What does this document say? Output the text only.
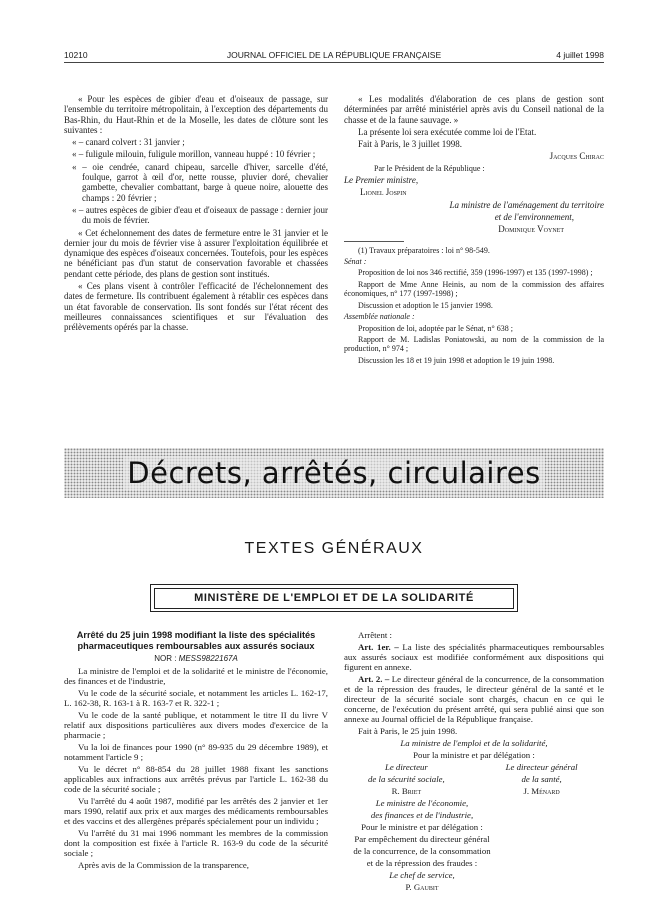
10210	JOURNAL OFFICIEL DE LA RÉPUBLIQUE FRANÇAISE	4 juillet 1998

« Pour les espèces de gibier d'eau et d'oiseaux de passage, sur l'ensemble du territoire métropolitain, à l'exception des départements du Bas-Rhin, du Haut-Rhin et de la Moselle, les dates de clôture sont les suivantes :

« – canard colvert : 31 janvier ;

« – fuligule milouin, fuligule morillon, vanneau huppé : 10 février ;

« – oie cendrée, canard chipeau, sarcelle d'hiver, sarcelle d'été, foulque, garrot à œil d'or, nette rousse, pluvier doré, chevalier gambette, chevalier combattant, barge à queue noire, alouette des champs : 20 février ;

« – autres espèces de gibier d'eau et d'oiseaux de passage : dernier jour du mois de février.

« Cet échelonnement des dates de fermeture entre le 31 janvier et le dernier jour du mois de février vise à assurer l'exploitation équilibrée et dynamique des espèces d'oiseaux concernées. Toutefois, pour les espèces ne bénéficiant pas d'un statut de conservation favorable et chassées pendant cette période, des plans de gestion sont institués.

« Ces plans visent à contrôler l'efficacité de l'échelonnement des dates de fermeture. Ils contribuent également à rétablir ces espèces dans un état favorable de conservation. Ils sont fondés sur l'état récent des meilleures connaissances scientifiques et sur l'évaluation des prélèvements opérés par la chasse.

« Les modalités d'élaboration de ces plans de gestion sont déterminées par arrêté ministériel après avis du Conseil national de la chasse et de la faune sauvage. »

La présente loi sera exécutée comme loi de l'Etat.

Fait à Paris, le 3 juillet 1998.

Jacques Chirac

Par le Président de la République :

Le Premier ministre,

Lionel Jospin

La ministre de l'aménagement du territoire

et de l'environnement,

Dominique Voynet

(1) Travaux préparatoires : loi n° 98-549.

Sénat :

Proposition de loi nos 346 rectifié, 359 (1996-1997) et 135 (1997-1998) ;

Rapport de Mme Anne Heinis, au nom de la commission des affaires économiques, n° 177 (1997-1998) ;

Discussion et adoption le 15 janvier 1998.

Assemblée nationale :

Proposition de loi, adoptée par le Sénat, n° 638 ;

Rapport de M. Ladislas Poniatowski, au nom de la commission de la production, n° 974 ;

Discussion les 18 et 19 juin 1998 et adoption le 19 juin 1998.

Décrets, arrêtés, circulaires
TEXTES GÉNÉRAUX
MINISTÈRE DE L'EMPLOI ET DE LA SOLIDARITÉ

Arrêté du 25 juin 1998 modifiant la liste des spécialités pharmaceutiques remboursables aux assurés sociaux

NOR : MESS9822167A

La ministre de l'emploi et de la solidarité et le ministre de l'économie, des finances et de l'industrie,

Vu le code de la sécurité sociale, et notamment les articles L. 162-17, L. 162-38, R. 163-1 à R. 163-7 et R. 322-1 ;

Vu le code de la santé publique, et notamment le titre II du livre V relatif aux dispositions particulières aux divers modes d'exercice de la pharmacie ;

Vu la loi de finances pour 1990 (n° 89-935 du 29 décembre 1989), et notamment l'article 9 ;

Vu le décret n° 88-854 du 28 juillet 1988 fixant les sanctions applicables aux infractions aux arrêtés prévus par l'article L. 162-38 du code de la sécurité sociale ;

Vu l'arrêté du 4 août 1987, modifié par les arrêtés des 2 janvier et 1er mars 1990, relatif aux prix et aux marges des médicaments remboursables et des vaccins et des allergènes préparés spécialement pour un individu ;

Vu l'arrêté du 31 mai 1996 nommant les membres de la commission dont la composition est fixée à l'article R. 163-9 du code de la sécurité sociale ;

Après avis de la Commission de la transparence,

Arrêtent :

Art. 1er. – La liste des spécialités pharmaceutiques remboursables aux assurés sociaux est modifiée conformément aux dispositions qui figurent en annexe.

Art. 2. – Le directeur général de la concurrence, de la consommation et de la répression des fraudes, le directeur général de la santé et le directeur de la sécurité sociale sont chargés, chacun en ce qui le concerne, de l'exécution du présent arrêté, qui sera publié ainsi que son annexe au Journal officiel de la République française.

Fait à Paris, le 25 juin 1998.

La ministre de l'emploi et de la solidarité,

Pour la ministre et par délégation :

Le directeur

de la sécurité sociale,

R. Briet

Le directeur général

de la santé,

J. Ménard

Le ministre de l'économie,

des finances et de l'industrie,

Pour le ministre et par délégation :

Par empêchement du directeur général

de la concurrence, de la consommation

et de la répression des fraudes :

Le chef de service,

P. Gaubit
